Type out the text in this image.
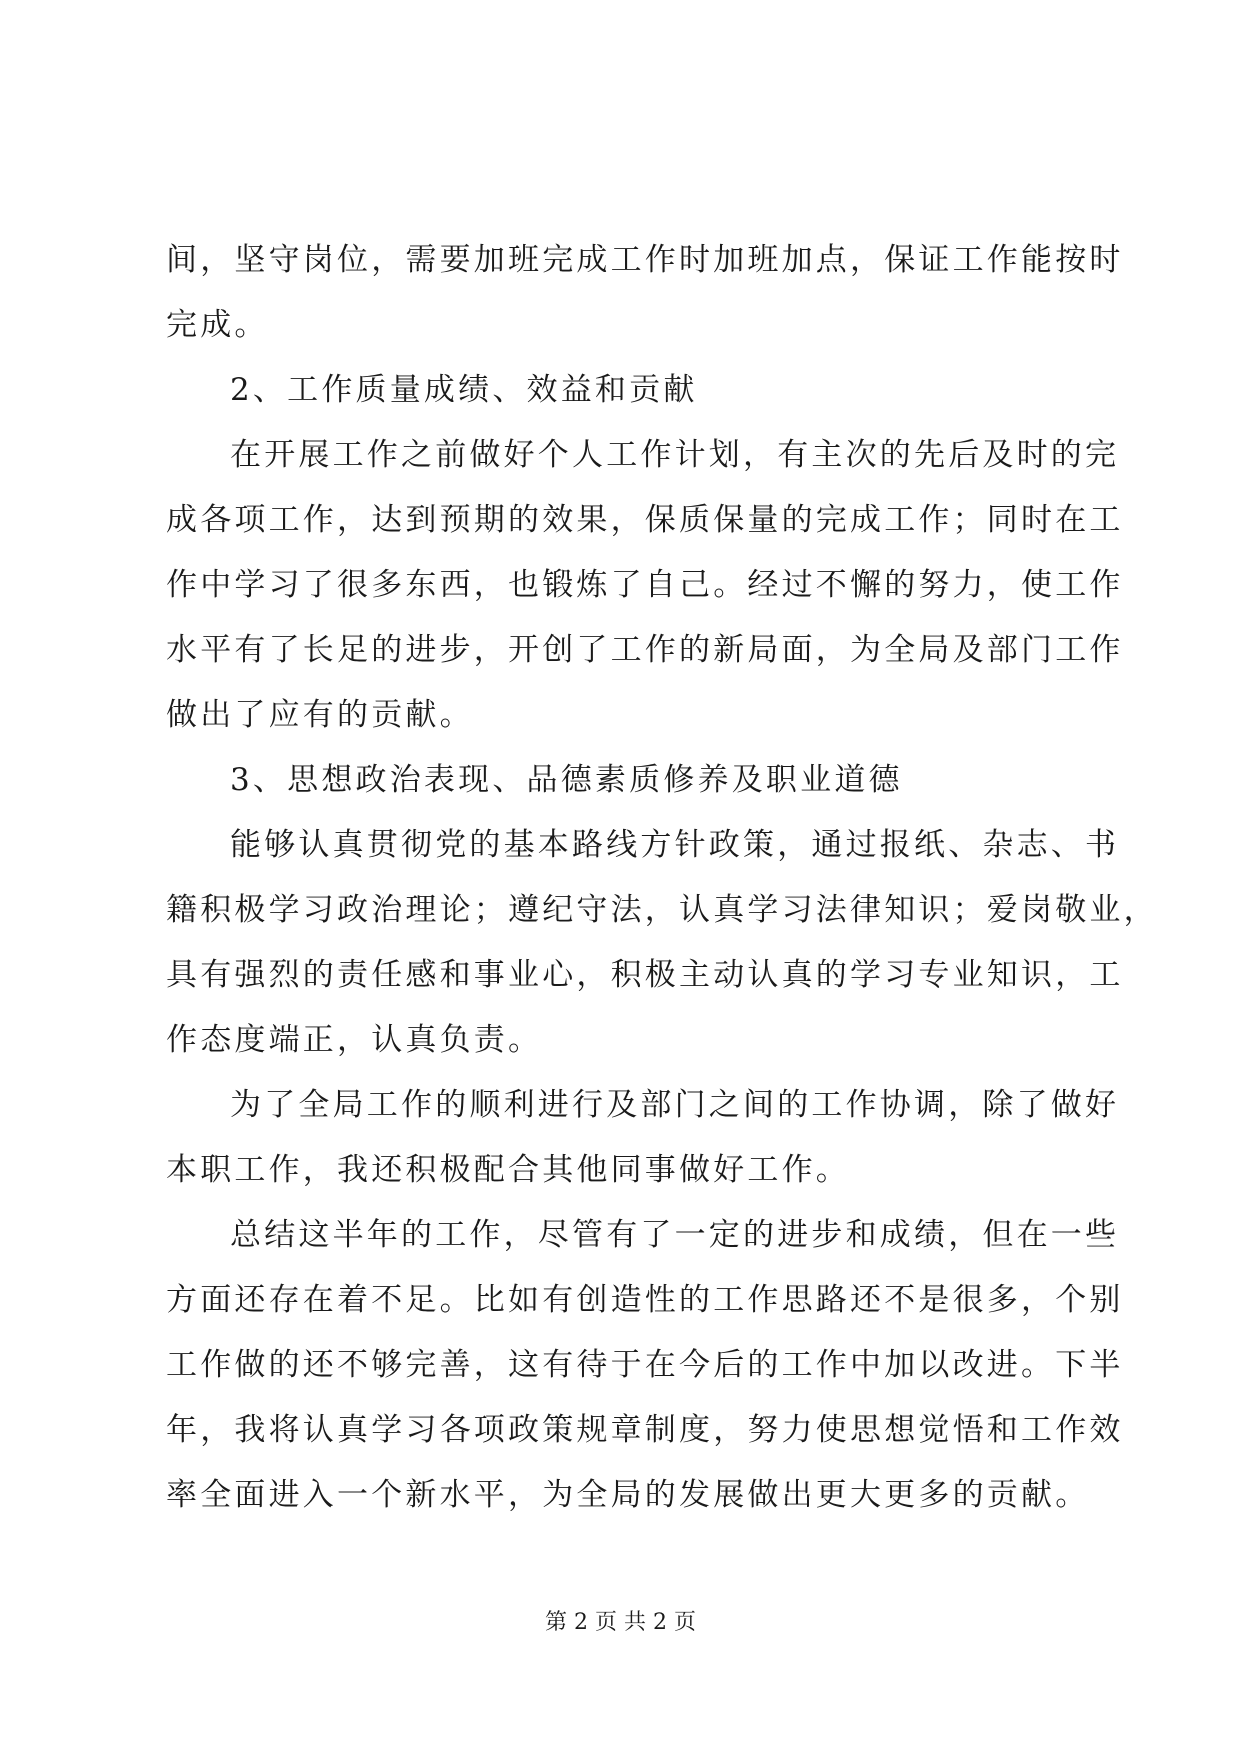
间，坚守岗位，需要加班完成工作时加班加点，保证工作能按时
完成。
2、工作质量成绩、效益和贡献
在开展工作之前做好个人工作计划，有主次的先后及时的完
成各项工作，达到预期的效果，保质保量的完成工作；同时在工
作中学习了很多东西，也锻炼了自己。经过不懈的努力，使工作
水平有了长足的进步，开创了工作的新局面，为全局及部门工作
做出了应有的贡献。
3、思想政治表现、品德素质修养及职业道德
能够认真贯彻党的基本路线方针政策，通过报纸、杂志、书
籍积极学习政治理论；遵纪守法，认真学习法律知识；爱岗敬业，
具有强烈的责任感和事业心，积极主动认真的学习专业知识，工
作态度端正，认真负责。
为了全局工作的顺利进行及部门之间的工作协调，除了做好
本职工作，我还积极配合其他同事做好工作。
总结这半年的工作，尽管有了一定的进步和成绩，但在一些
方面还存在着不足。比如有创造性的工作思路还不是很多，个别
工作做的还不够完善，这有待于在今后的工作中加以改进。下半
年，我将认真学习各项政策规章制度，努力使思想觉悟和工作效
率全面进入一个新水平，为全局的发展做出更大更多的贡献。
第 2 页 共 2 页
